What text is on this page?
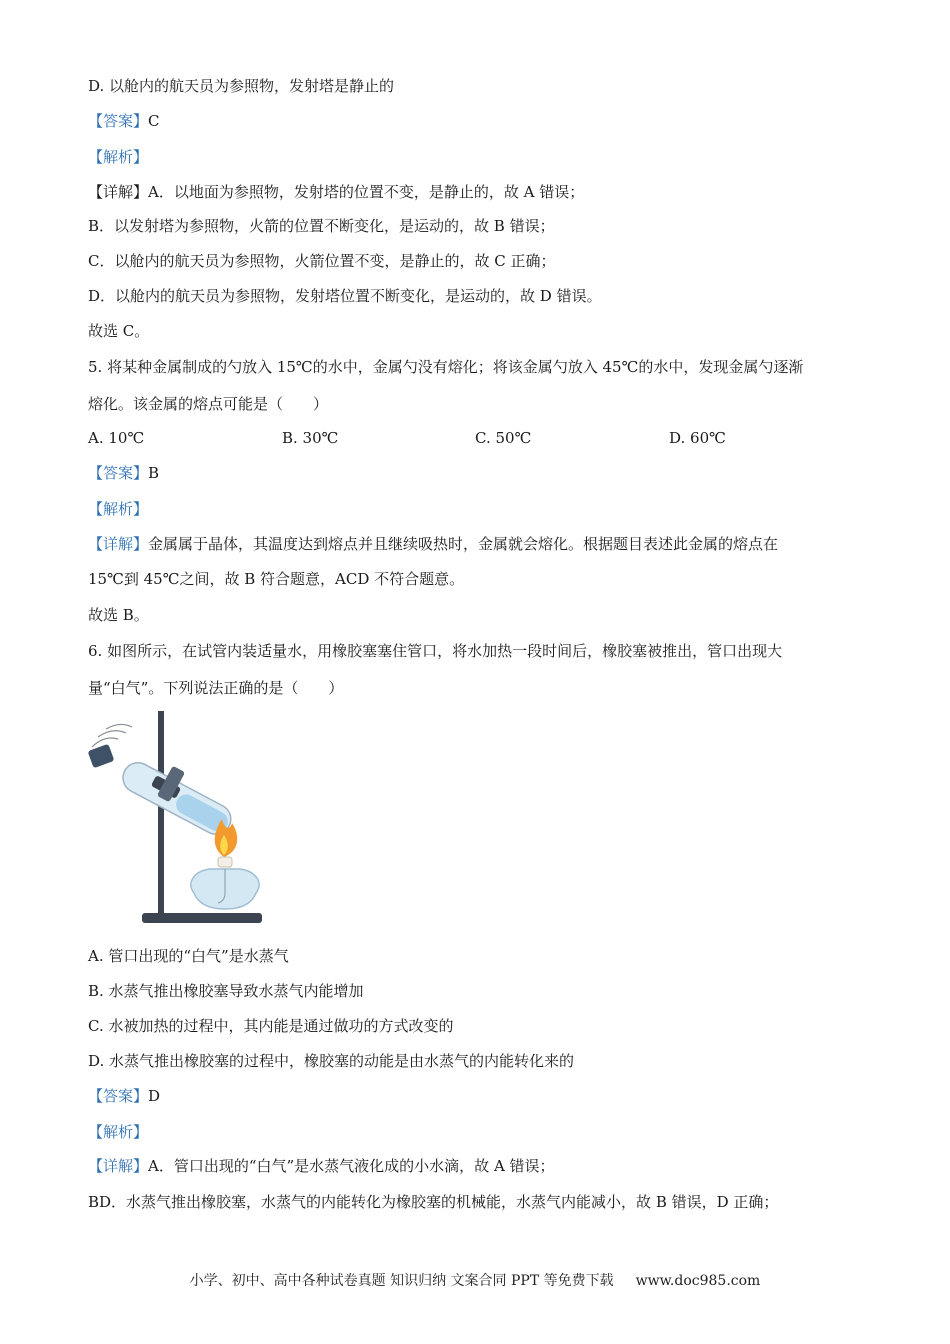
D. 以舱内的航天员为参照物，发射塔是静止的
【答案】C
【解析】
【详解】A．以地面为参照物，发射塔的位置不变，是静止的，故 A 错误；
B．以发射塔为参照物，火箭的位置不断变化，是运动的，故 B 错误；
C．以舱内的航天员为参照物，火箭位置不变，是静止的，故 C 正确；
D．以舱内的航天员为参照物，发射塔位置不断变化，是运动的，故 D 错误。
故选 C。
5. 将某种金属制成的勺放入 15℃的水中，金属勺没有熔化；将该金属勺放入 45℃的水中，发现金属勺逐渐
熔化。该金属的熔点可能是（　　）
A. 10℃	B. 30℃	C. 50℃	D. 60℃
【答案】B
【解析】
【详解】金属属于晶体，其温度达到熔点并且继续吸热时，金属就会熔化。根据题目表述此金属的熔点在
15℃到 45℃之间，故 B 符合题意，ACD 不符合题意。
故选 B。
6. 如图所示，在试管内装适量水，用橡胶塞塞住管口，将水加热一段时间后，橡胶塞被推出，管口出现大
量“白气”。下列说法正确的是（　　）
A. 管口出现的“白气”是水蒸气
B. 水蒸气推出橡胶塞导致水蒸气内能增加
C. 水被加热的过程中，其内能是通过做功的方式改变的
D. 水蒸气推出橡胶塞的过程中，橡胶塞的动能是由水蒸气的内能转化来的
【答案】D
【解析】
【详解】A．管口出现的“白气”是水蒸气液化成的小水滴，故 A 错误；
BD．水蒸气推出橡胶塞，水蒸气的内能转化为橡胶塞的机械能，水蒸气内能减小，故 B 错误，D 正确；
小学、初中、高中各种试卷真题 知识归纳 文案合同 PPT 等免费下载 www.doc985.com
